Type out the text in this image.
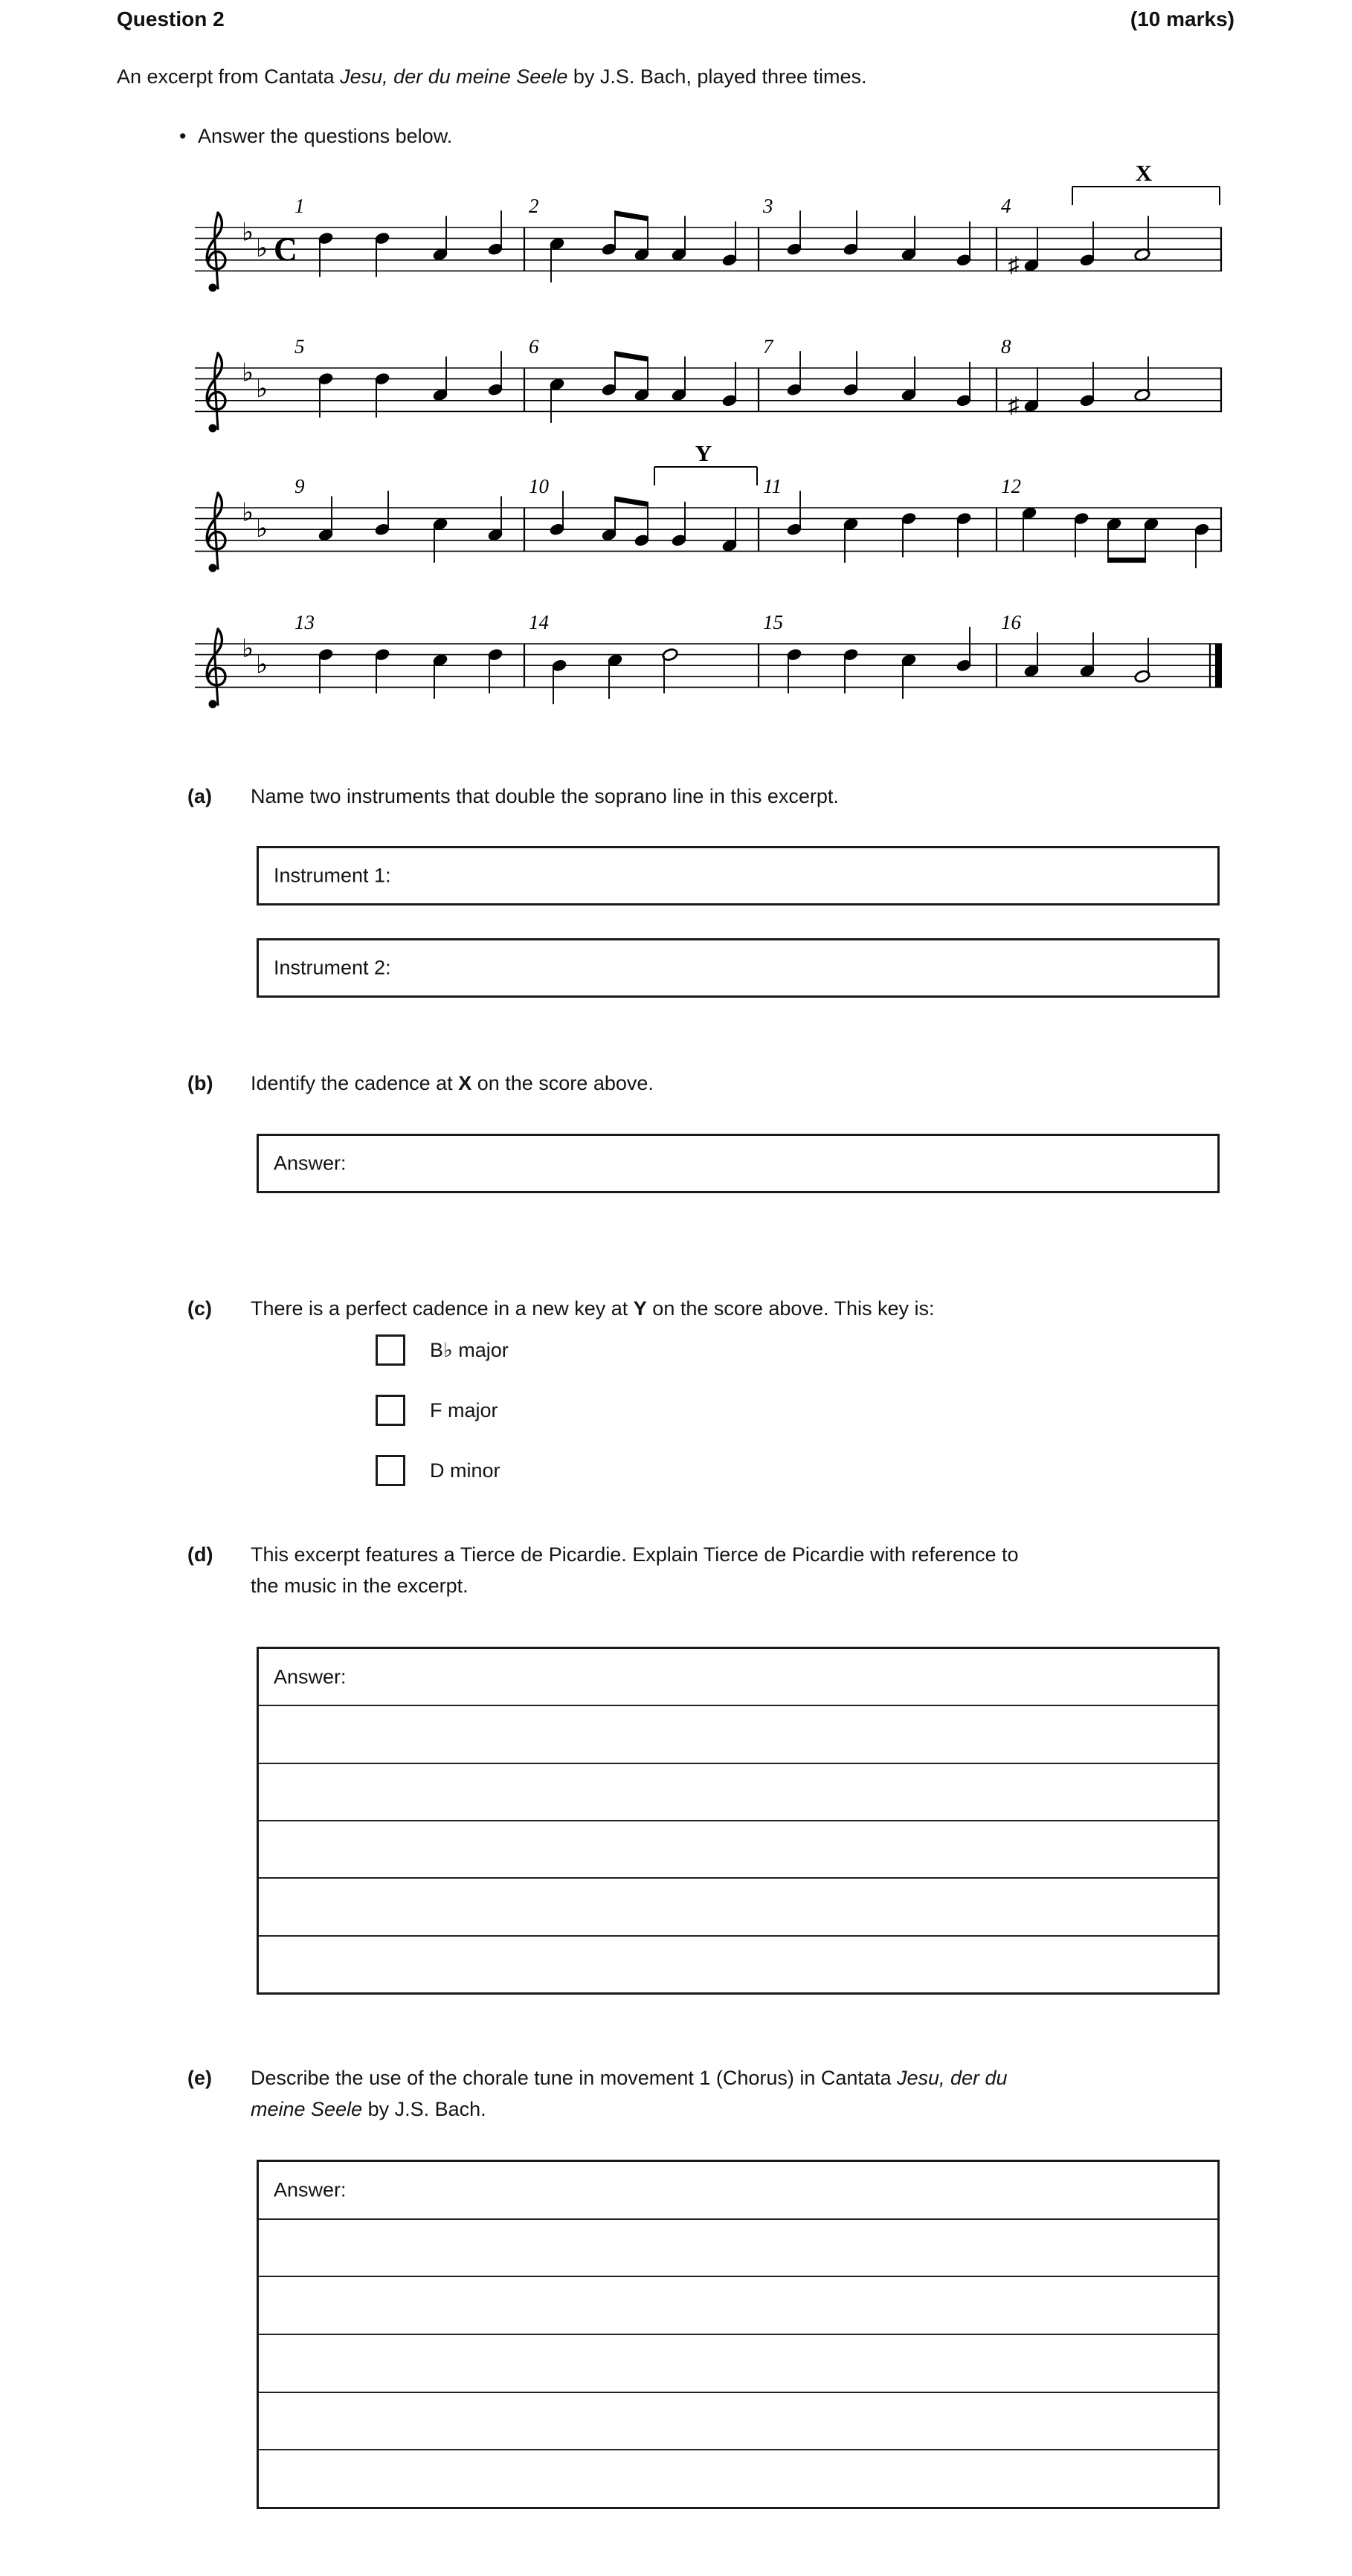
Question 2	(10 marks)
An excerpt from Cantata Jesu, der du meine Seele by J.S. Bach, played three times.
• Answer the questions below.
♭
♭ C
1	2	3	4
♯
♭
♭
5	6	7	8
♯
♭
♭
9	10	11	12
♭
♭
13	14	15	16
X
Y
(a) Name two instruments that double the soprano line in this excerpt.
Instrument 1:
Instrument 2:
(b) Identify the cadence at X on the score above.
Answer:
(c) There is a perfect cadence in a new key at Y on the score above. This key is:
B♭ major
F major
D minor
(d) This excerpt features a Tierce de Picardie. Explain Tierce de Picardie with reference to
the music in the excerpt.
Answer:
(e) Describe the use of the chorale tune in movement 1 (Chorus) in Cantata Jesu, der du
meine Seele by J.S. Bach.
Answer:
